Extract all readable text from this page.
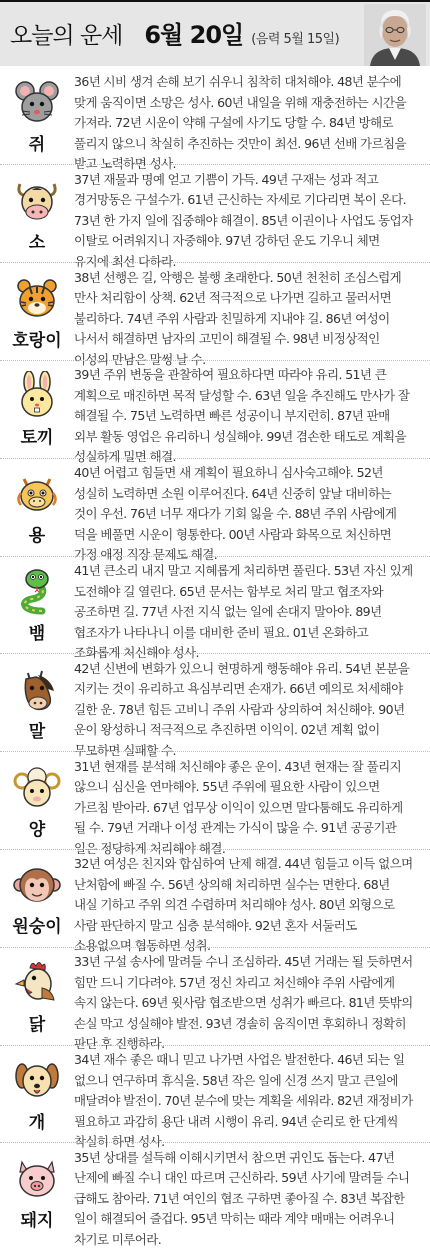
오늘의 운세 6월 20일 (음력 5월 15일)
쥐
36년 시비 생겨 손해 보기 쉬우니 침착히 대처해야. 48년 분수에 맞게 움직이면 소망은 성사. 60년 내일을 위해 재충전하는 시간을 가져라. 72년 시운이 약해 구설에 사기도 당할 수. 84년 방해로 풀리지 않으니 착실히 추진하는 것만이 최선. 96년 선배 가르침을 받고 노력하면 성사.
소
37년 재물과 명예 얻고 기쁨이 가득. 49년 구재는 성과 적고 경거망동은 구설수가. 61년 근신하는 자세로 기다리면 복이 온다. 73년 한 가지 일에 집중해야 해결이. 85년 이권이나 사업도 동업자 이탈로 어려워지니 자중해야. 97년 강하던 운도 기우니 체면 유지에 최선 다하라.
호랑이
38년 선행은 길, 악행은 불행 초래한다. 50년 천천히 조심스럽게 만사 처리함이 상책. 62년 적극적으로 나가면 길하고 물러서면 불리하다. 74년 주위 사람과 친밀하게 지내야 길. 86년 여성이 나서서 해결하면 남자의 고민이 해결될 수. 98년 비정상적인 이성의 만남은 말썽 날 수.
토끼
39년 주위 변동을 관찰하여 필요하다면 따라야 유리. 51년 큰 계획으로 매진하면 목적 달성할 수. 63년 일을 추진해도 만사가 잘 해결될 수. 75년 노력하면 빠른 성공이니 부지런히. 87년 판매 외부 활동 영업은 유리하니 성실해야. 99년 겸손한 태도로 계획을 성실하게 밀면 해결.
용
40년 어렵고 힘들면 새 계획이 필요하니 심사숙고해야. 52년 성실히 노력하면 소원 이루어진다. 64년 신중히 앞날 대비하는 것이 우선. 76년 너무 재다가 기회 잃을 수. 88년 주위 사람에게 덕을 베풀면 시운이 형통한다. 00년 사람과 화목으로 처신하면 가정 애정 직장 문제도 해결.
뱀
41년 큰소리 내지 말고 지혜롭게 처리하면 풀린다. 53년 자신 있게 도전해야 길 열린다. 65년 문서는 함부로 처리 말고 협조자와 공조하면 길. 77년 사전 지식 없는 일에 손대지 말아야. 89년 협조자가 나타나니 이를 대비한 준비 필요. 01년 온화하고 조화롭게 처신해야 성사.
말
42년 신변에 변화가 있으니 현명하게 행동해야 유리. 54년 본분을 지키는 것이 유리하고 욕심부리면 손재가. 66년 예의로 처세해야 길한 운. 78년 힘든 고비니 주위 사람과 상의하여 처신해야. 90년 운이 왕성하니 적극적으로 추진하면 이익이. 02년 계획 없이 무모하면 실패할 수.
양
31년 현재를 분석해 처신해야 좋은 운이. 43년 현재는 잘 풀리지 않으니 심신을 연마해야. 55년 주위에 필요한 사람이 있으면 가르침 받아라. 67년 업무상 이익이 있으면 말다툼해도 유리하게 될 수. 79년 거래나 이성 관계는 가식이 많을 수. 91년 공공기관 일은 정당하게 처리해야 해결.
원숭이
32년 여성은 친지와 합심하여 난제 해결. 44년 힘들고 이득 없으며 난처함에 빠질 수. 56년 상의해 처리하면 실수는 면한다. 68년 내실 기하고 주위 의견 수렴하며 처리해야 성사. 80년 외형으로 사람 판단하지 말고 심층 분석해야. 92년 혼자 서둘러도 소용없으며 협동하면 성취.
닭
33년 구설 송사에 말려들 수니 조심하라. 45년 거래는 될 듯하면서 힘만 드니 기다려야. 57년 정신 차리고 처신해야 주위 사람에게 속지 않는다. 69년 윗사람 협조받으면 성취가 빠르다. 81년 뜻밖의 손실 막고 성실해야 발전. 93년 경솔히 움직이면 후회하니 정확히 판단 후 진행하라.
개
34년 재수 좋은 때니 믿고 나가면 사업은 발전한다. 46년 되는 일 없으니 연구하며 휴식을. 58년 작은 일에 신경 쓰지 말고 큰일에 매달려야 발전이. 70년 분수에 맞는 계획을 세워라. 82년 재정비가 필요하고 과감히 용단 내려 시행이 유리. 94년 순리로 한 단계씩 착실히 하면 성사.
돼지
35년 상대를 설득해 이해시키면서 참으면 귀인도 돕는다. 47년 난제에 빠질 수니 대인 따르며 근신하라. 59년 사기에 말려들 수니 급해도 참아라. 71년 여인의 협조 구하면 좋아질 수. 83년 복잡한 일이 해결되어 즐겁다. 95년 막히는 때라 계약 매매는 어려우니 차기로 미루어라.
